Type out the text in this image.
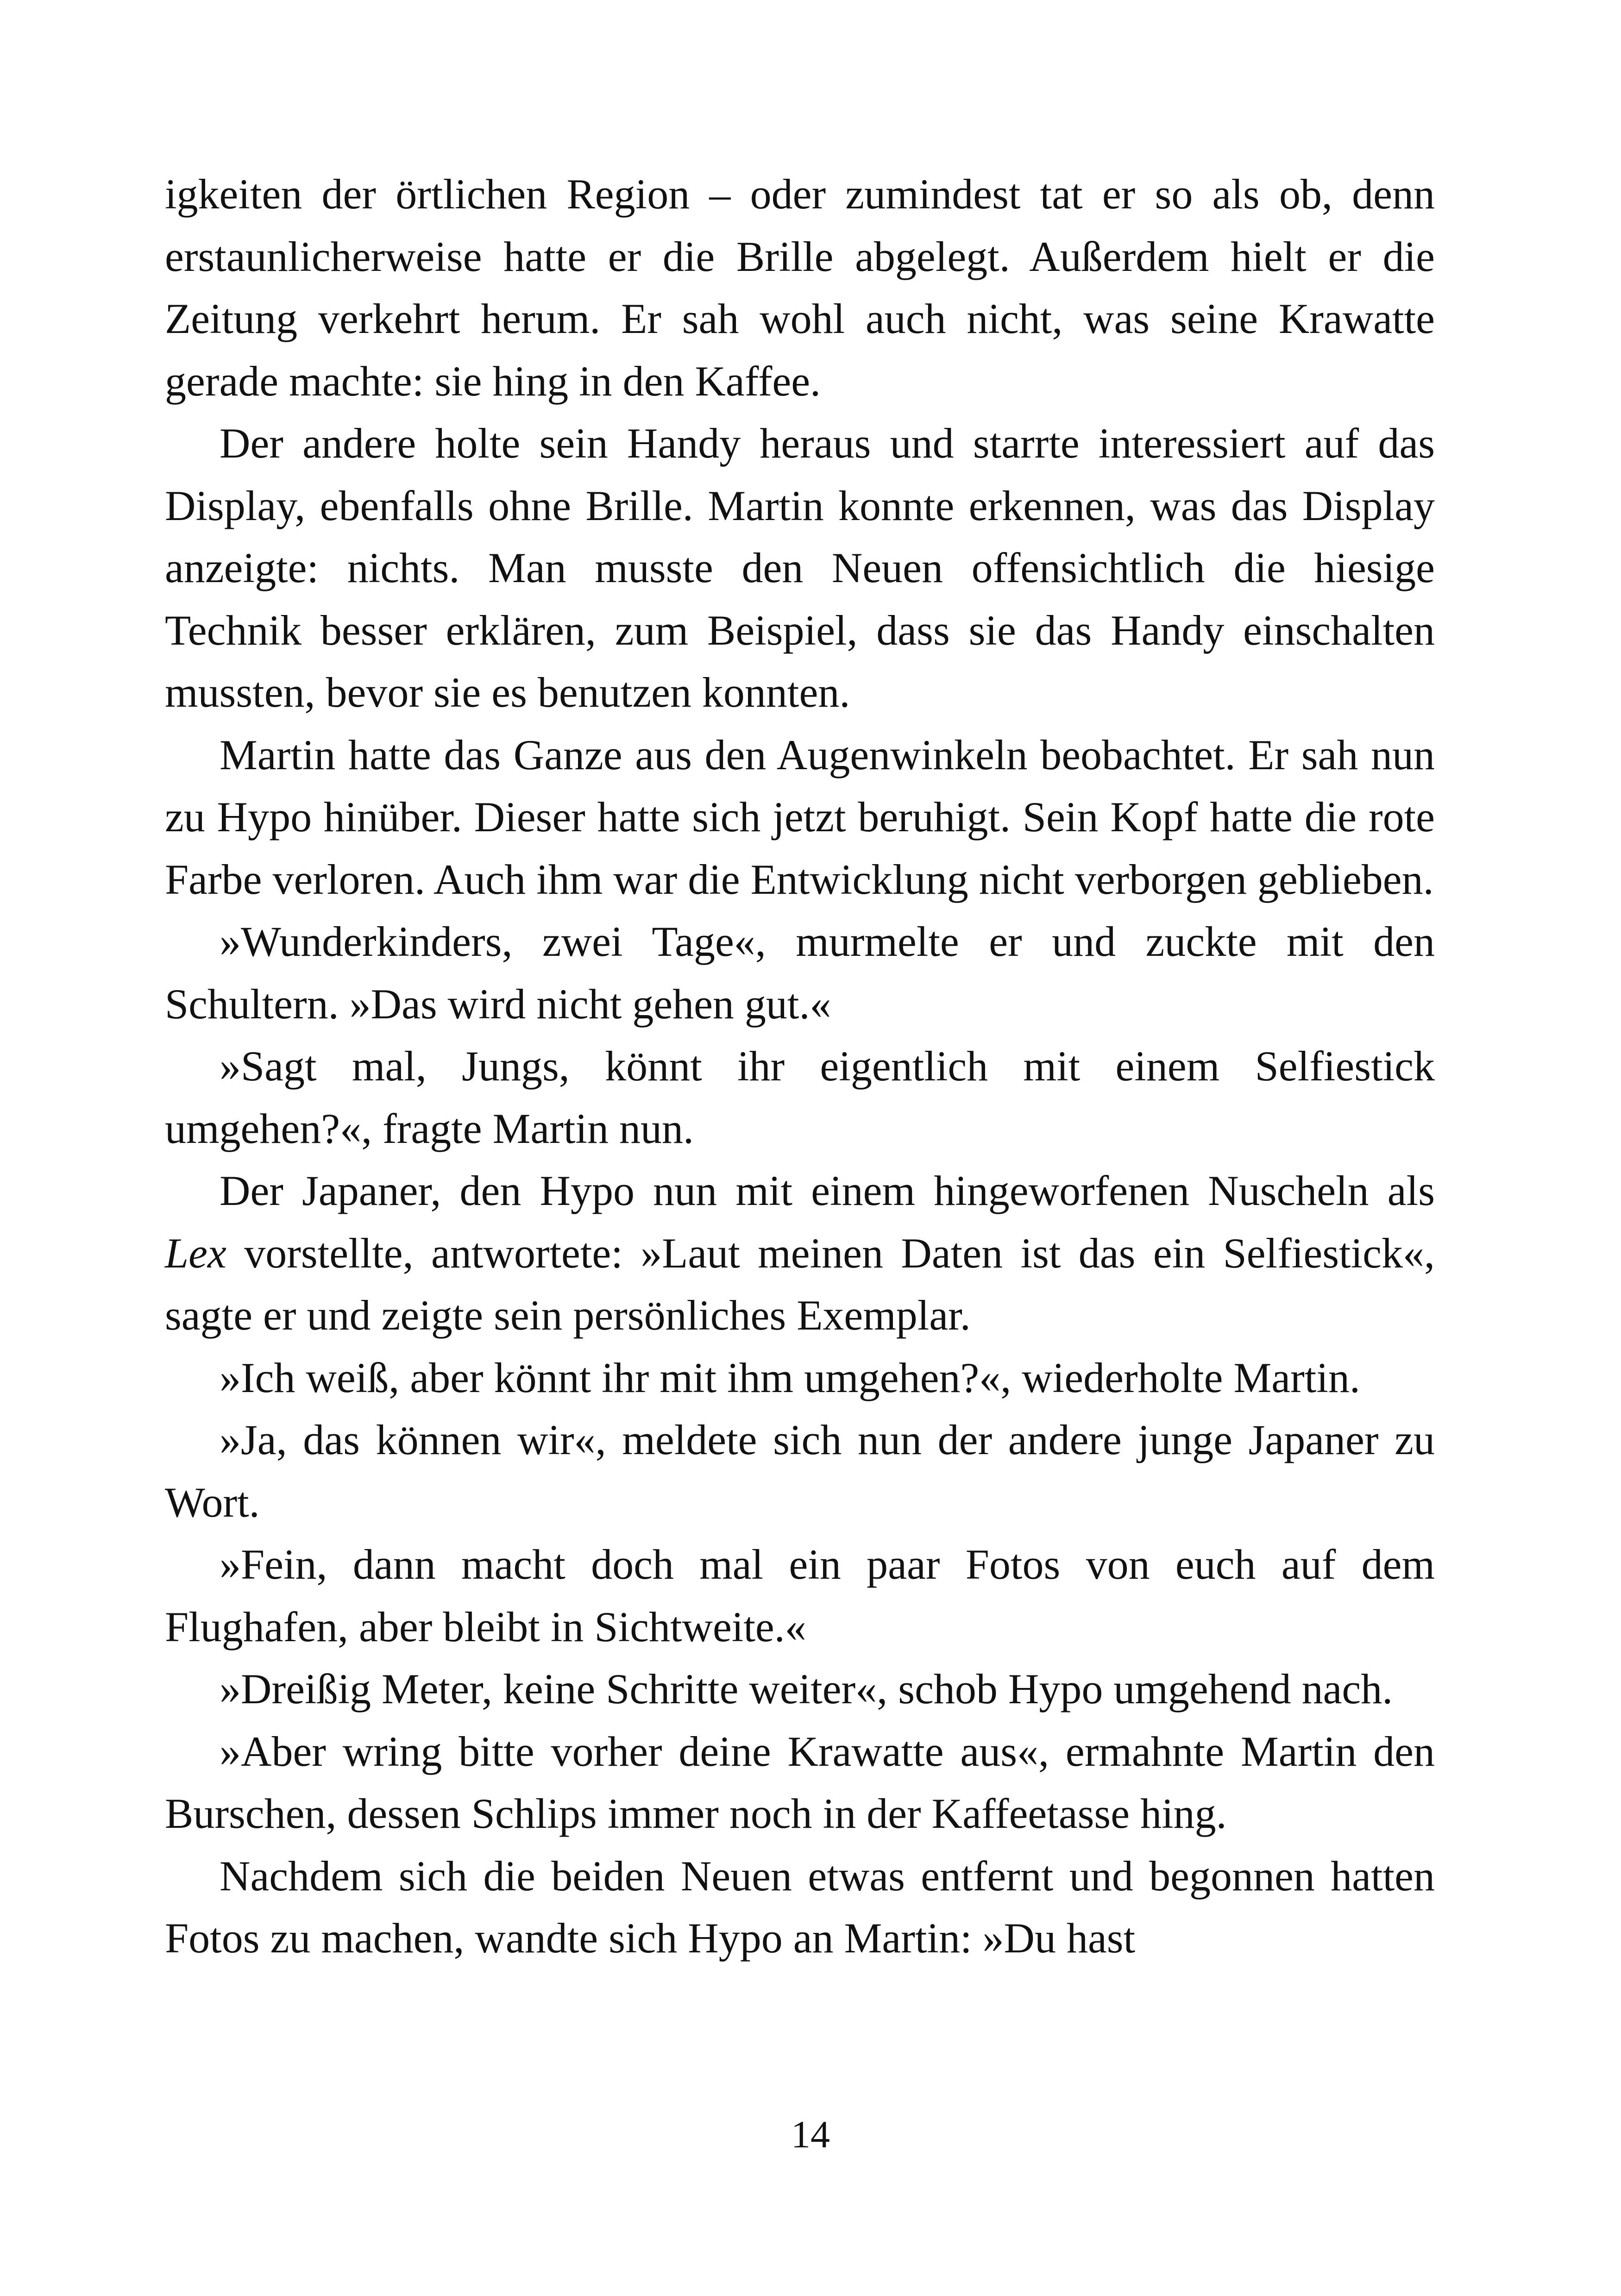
igkeiten der örtlichen Region – oder zumindest tat er so als ob, denn erstaunlicherweise hatte er die Brille abgelegt. Außerdem hielt er die Zeitung verkehrt herum. Er sah wohl auch nicht, was seine Krawatte gerade machte: sie hing in den Kaffee.

Der andere holte sein Handy heraus und starrte interessiert auf das Display, ebenfalls ohne Brille. Martin konnte erkennen, was das Display anzeigte: nichts. Man musste den Neuen offensichtlich die hiesige Technik besser erklären, zum Beispiel, dass sie das Handy einschalten mussten, bevor sie es benutzen konnten.

Martin hatte das Ganze aus den Augenwinkeln beobachtet. Er sah nun zu Hypo hinüber. Dieser hatte sich jetzt beruhigt. Sein Kopf hatte die rote Farbe verloren. Auch ihm war die Entwicklung nicht verborgen geblieben.

»Wunderkinders, zwei Tage«, murmelte er und zuckte mit den Schultern. »Das wird nicht gehen gut.«

»Sagt mal, Jungs, könnt ihr eigentlich mit einem Selfiestick umgehen?«, fragte Martin nun.

Der Japaner, den Hypo nun mit einem hingeworfenen Nuscheln als Lex vorstellte, antwortete: »Laut meinen Daten ist das ein Selfiestick«, sagte er und zeigte sein persönliches Exemplar.

»Ich weiß, aber könnt ihr mit ihm umgehen?«, wiederholte Martin.

»Ja, das können wir«, meldete sich nun der andere junge Japaner zu Wort.

»Fein, dann macht doch mal ein paar Fotos von euch auf dem Flughafen, aber bleibt in Sichtweite.«

»Dreißig Meter, keine Schritte weiter«, schob Hypo umgehend nach.

»Aber wring bitte vorher deine Krawatte aus«, ermahnte Martin den Burschen, dessen Schlips immer noch in der Kaffeetasse hing.

Nachdem sich die beiden Neuen etwas entfernt und begonnen hatten Fotos zu machen, wandte sich Hypo an Martin: »Du hast

14
